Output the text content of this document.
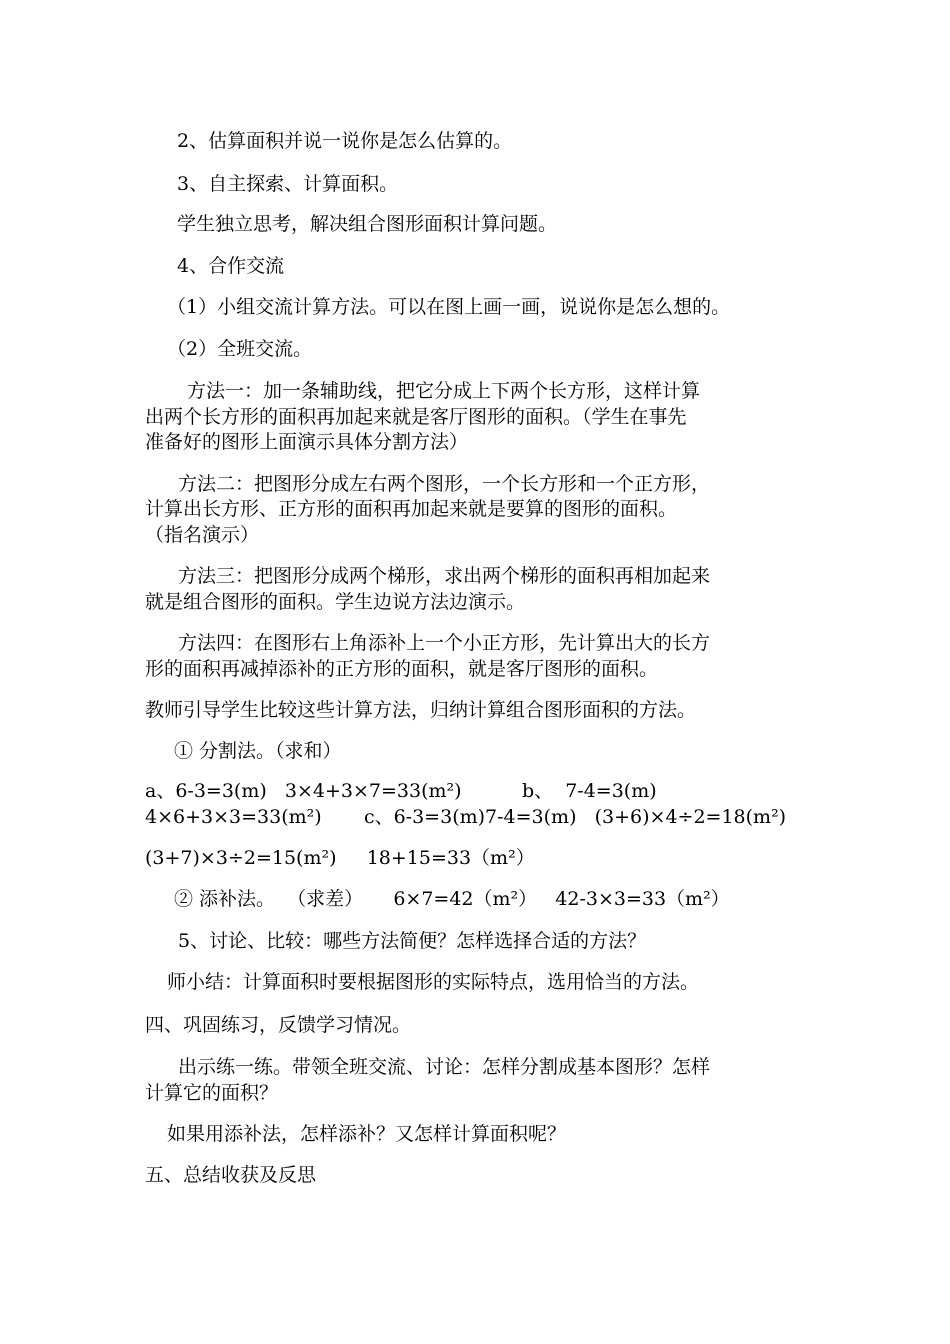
2、估算面积并说一说你是怎么估算的。
3、自主探索、计算面积。
学生独立思考，解决组合图形面积计算问题。
4、合作交流
（1）小组交流计算方法。可以在图上画一画，说说你是怎么想的。
（2）全班交流。
方法一：加一条辅助线，把它分成上下两个长方形，这样计算
出两个长方形的面积再加起来就是客厅图形的面积。（学生在事先
准备好的图形上面演示具体分割方法）
方法二：把图形分成左右两个图形，一个长方形和一个正方形，
计算出长方形、正方形的面积再加起来就是要算的图形的面积。
（指名演示）
方法三：把图形分成两个梯形，求出两个梯形的面积再相加起来
就是组合图形的面积。学生边说方法边演示。
方法四：在图形右上角添补上一个小正方形，先计算出大的长方
形的面积再减掉添补的正方形的面积，就是客厅图形的面积。
教师引导学生比较这些计算方法，归纳计算组合图形面积的方法。
① 分割法。（求和）
a、6-3=3(m)   3×4+3×7=33(m²)          b、  7-4=3(m)
4×6+3×3=33(m²)       c、6-3=3(m)7-4=3(m)   (3+6)×4÷2=18(m²)
(3+7)×3÷2=15(m²)     18+15=33（m²）
② 添补法。  （求差）     6×7=42（m²）   42-3×3=33（m²）
5、讨论、比较：哪些方法简便？怎样选择合适的方法？
师小结：计算面积时要根据图形的实际特点，选用恰当的方法。
四、巩固练习，反馈学习情况。
出示练一练。带领全班交流、讨论：怎样分割成基本图形？怎样
计算它的面积？
如果用添补法，怎样添补？又怎样计算面积呢？
五、总结收获及反思
